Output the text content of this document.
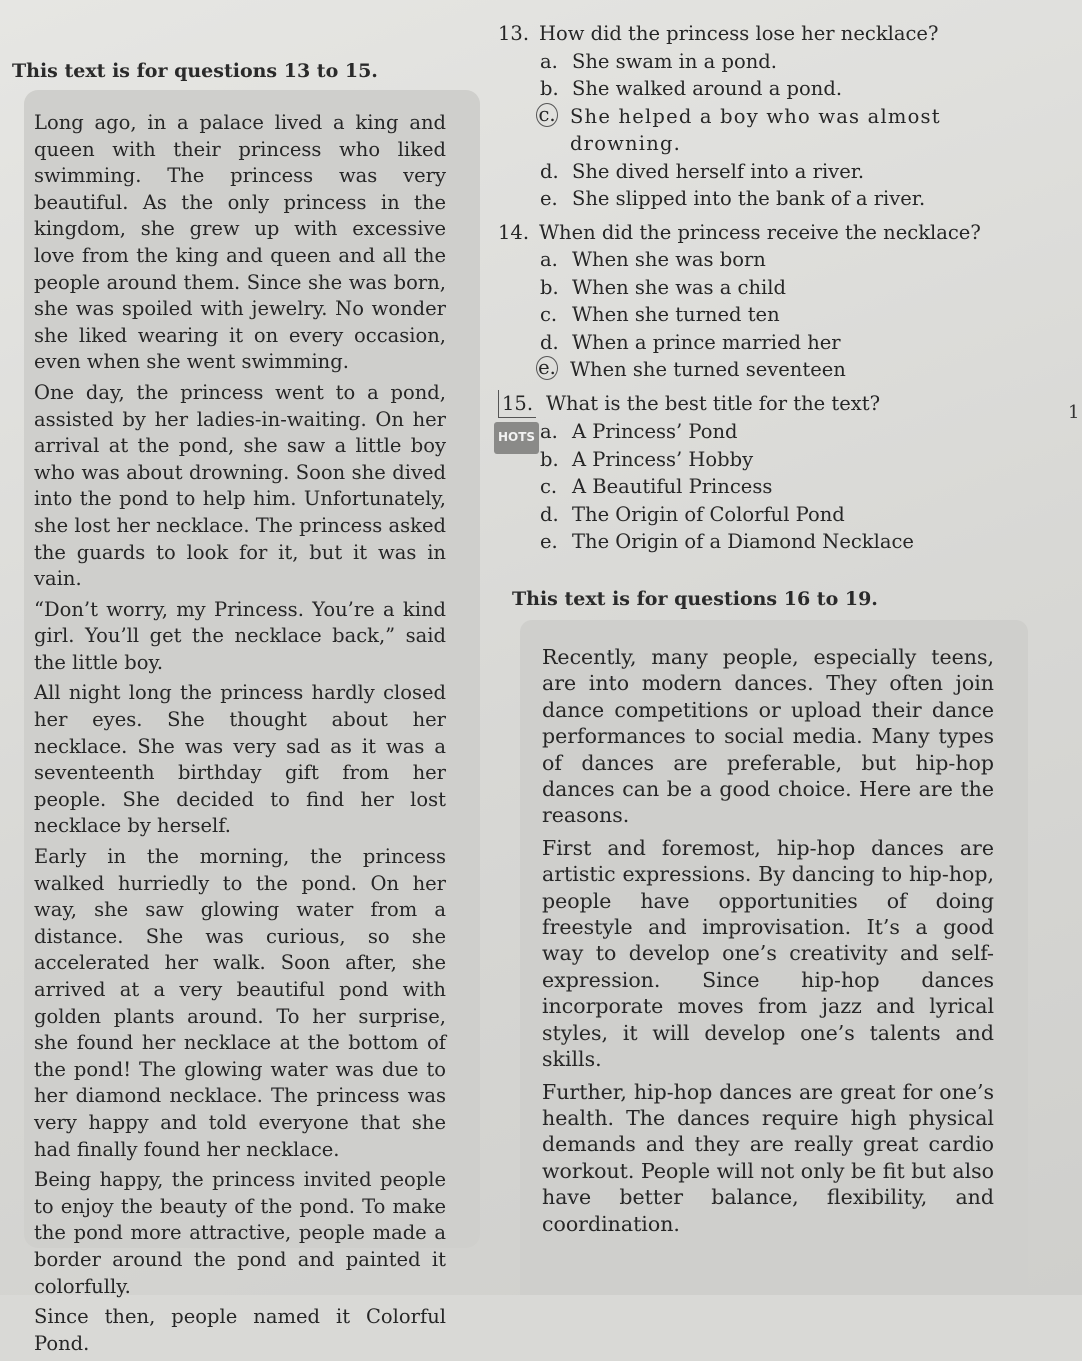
This text is for questions 13 to 15.

Long ago, in a palace lived a king and queen with their princess who liked swimming. The princess was very beautiful. As the only princess in the kingdom, she grew up with excessive love from the king and queen and all the people around them. Since she was born, she was spoiled with jewelry. No wonder she liked wearing it on every occasion, even when she went swimming.

One day, the princess went to a pond, assisted by her ladies-in-waiting. On her arrival at the pond, she saw a little boy who was about drowning. Soon she dived into the pond to help him. Unfortunately, she lost her necklace. The princess asked the guards to look for it, but it was in vain.

“Don’t worry, my Princess. You’re a kind girl. You’ll get the necklace back,” said the little boy.

All night long the princess hardly closed her eyes. She thought about her necklace. She was very sad as it was a seventeenth birthday gift from her people. She decided to find her lost necklace by herself.

Early in the morning, the princess walked hurriedly to the pond. On her way, she saw glowing water from a distance. She was curious, so she accelerated her walk. Soon after, she arrived at a very beautiful pond with golden plants around. To her surprise, she found her necklace at the bottom of the pond! The glowing water was due to her diamond necklace. The princess was very happy and told everyone that she had finally found her necklace.

Being happy, the princess invited people to enjoy the beauty of the pond. To make the pond more attractive, people made a border around the pond and painted it colorfully.

Since then, people named it Colorful Pond.

13. How did the princess lose her necklace?
a. She swam in a pond.
b. She walked around a pond.
c. She helped a boy who was almost drowning.
d. She dived herself into a river.
e. She slipped into the bank of a river.
14. When did the princess receive the necklace?
a. When she was born
b. When she was a child
c. When she turned ten
d. When a prince married her
e. When she turned seventeen
15. What is the best title for the text?
HOTS a. A Princess’ Pond
b. A Princess’ Hobby
c. A Beautiful Princess
d. The Origin of Colorful Pond
e. The Origin of a Diamond Necklace
1
This text is for questions 16 to 19.

Recently, many people, especially teens, are into modern dances. They often join dance competitions or upload their dance performances to social media. Many types of dances are preferable, but hip-hop dances can be a good choice. Here are the reasons.

First and foremost, hip-hop dances are artistic expressions. By dancing to hip-hop, people have opportunities of doing freestyle and improvisation. It’s a good way to develop one’s creativity and self-expression. Since hip-hop dances incorporate moves from jazz and lyrical styles, it will develop one’s talents and skills.

Further, hip-hop dances are great for one’s health. The dances require high physical demands and they are really great cardio workout. People will not only be fit but also have better balance, flexibility, and coordination.
